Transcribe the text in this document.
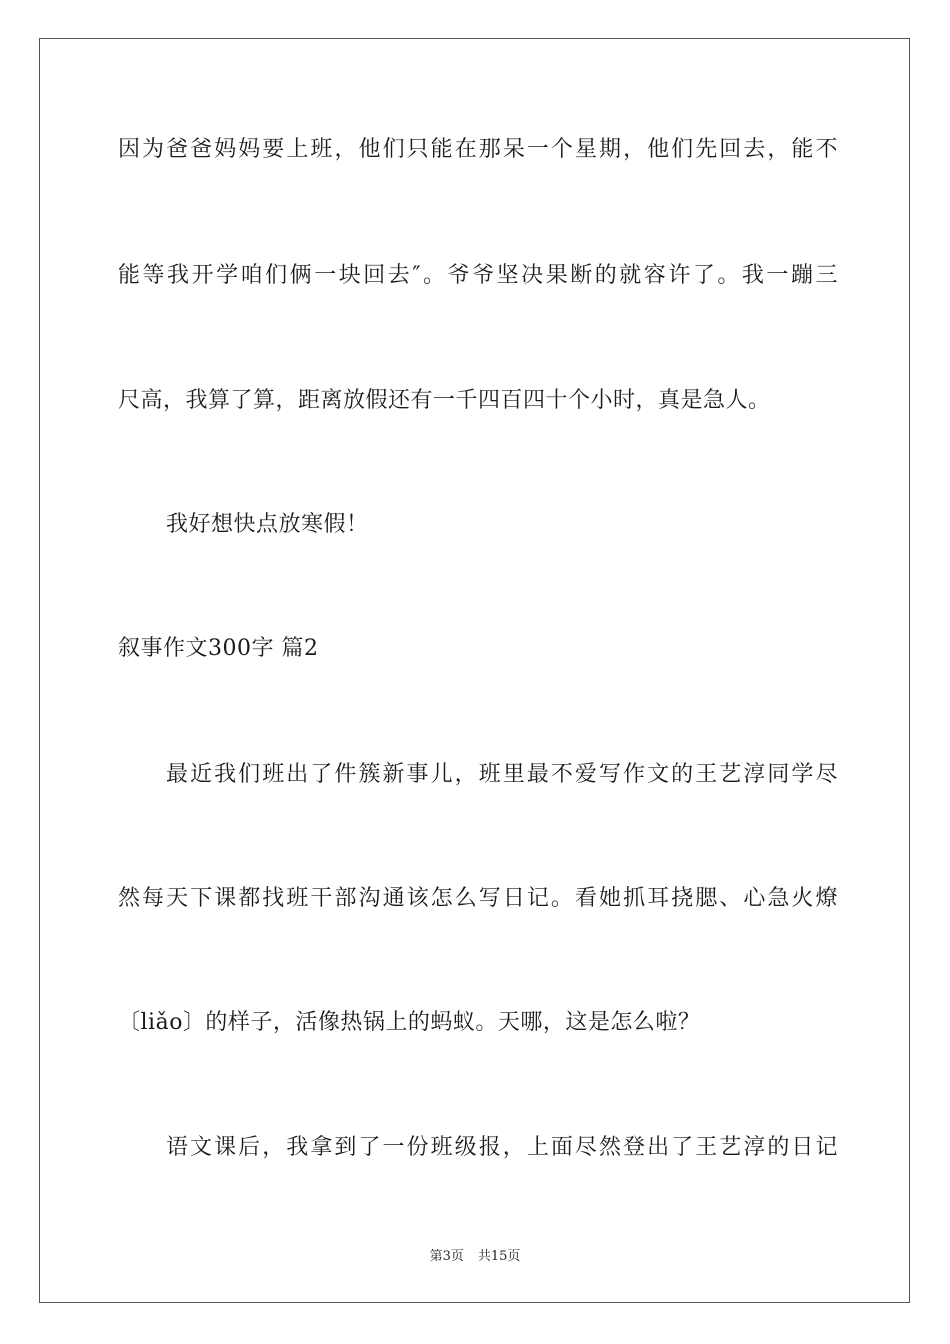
因为爸爸妈妈要上班，他们只能在那呆一个星期，他们先回去，能不
能等我开学咱们俩一块回去″。爷爷坚决果断的就容许了。我一蹦三
尺高，我算了算，距离放假还有一千四百四十个小时，真是急人。
我好想快点放寒假！
叙事作文300字 篇2
最近我们班出了件簇新事儿，班里最不爱写作文的王艺淳同学尽
然每天下课都找班干部沟通该怎么写日记。看她抓耳挠腮、心急火燎
〔liǎo〕的样子，活像热锅上的蚂蚁。天哪，这是怎么啦？
语文课后，我拿到了一份班级报，上面尽然登出了王艺淳的日记
第3页 共15页
